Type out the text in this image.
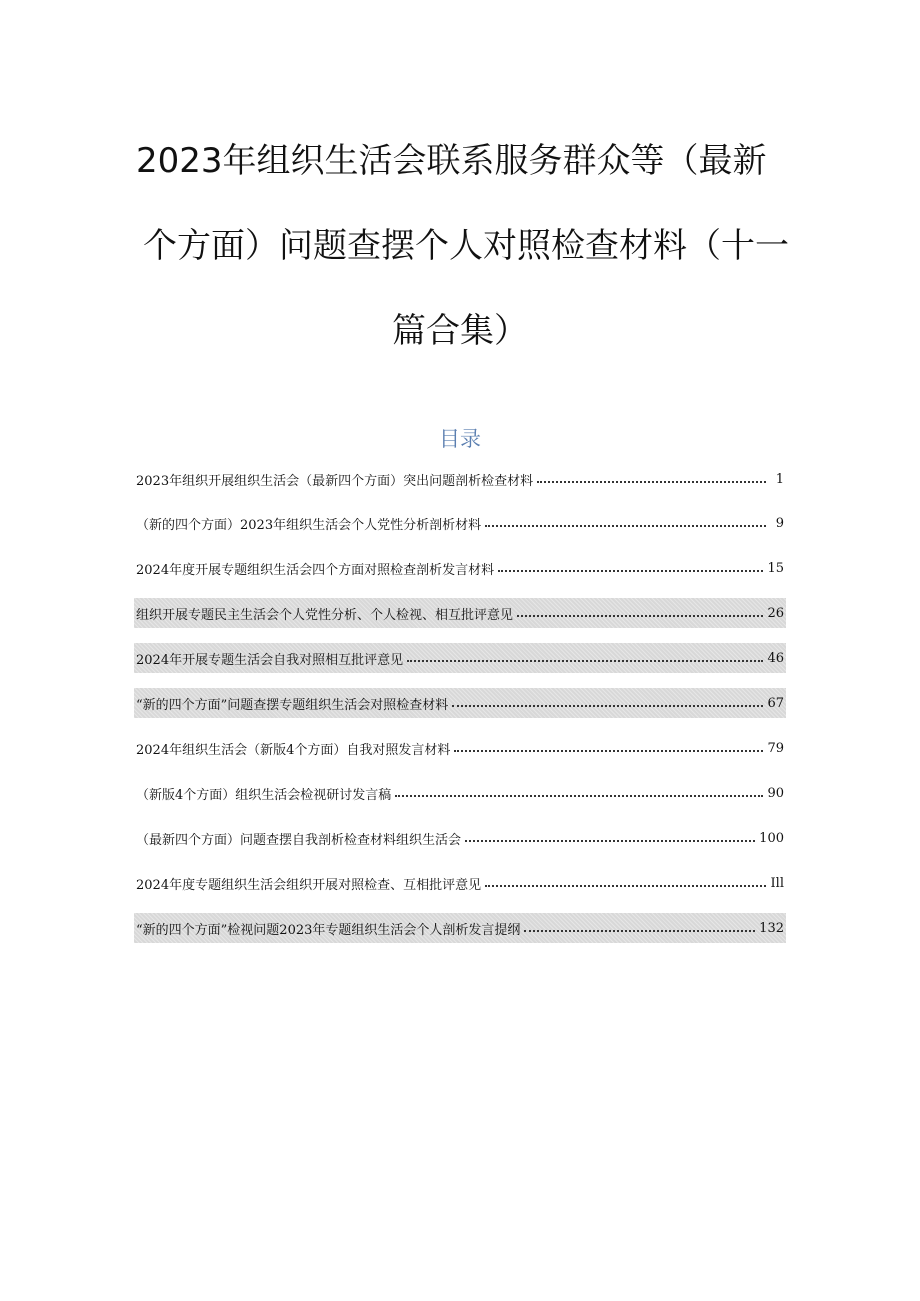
2023年组织生活会联系服务群众等（最新
个方面）问题查摆个人对照检查材料（十一
篇合集）
目录
2023年组织开展组织生活会（最新四个方面）突出问题剖析检查材料	1
（新的四个方面）2023年组织生活会个人党性分析剖析材料	9
2024年度开展专题组织生活会四个方面对照检查剖析发言材料	15
组织开展专题民主生活会个人党性分析、个人检视、相互批评意见	26
2024年开展专题生活会自我对照相互批评意见	46
“新的四个方面”问题查摆专题组织生活会对照检查材料	67
2024年组织生活会（新版4个方面）自我对照发言材料	79
（新版4个方面）组织生活会检视研讨发言稿	90
（最新四个方面）问题查摆自我剖析检查材料组织生活会	100
2024年度专题组织生活会组织开展对照检查、互相批评意见	Ill
“新的四个方面”检视问题2023年专题组织生活会个人剖析发言提纲	132
